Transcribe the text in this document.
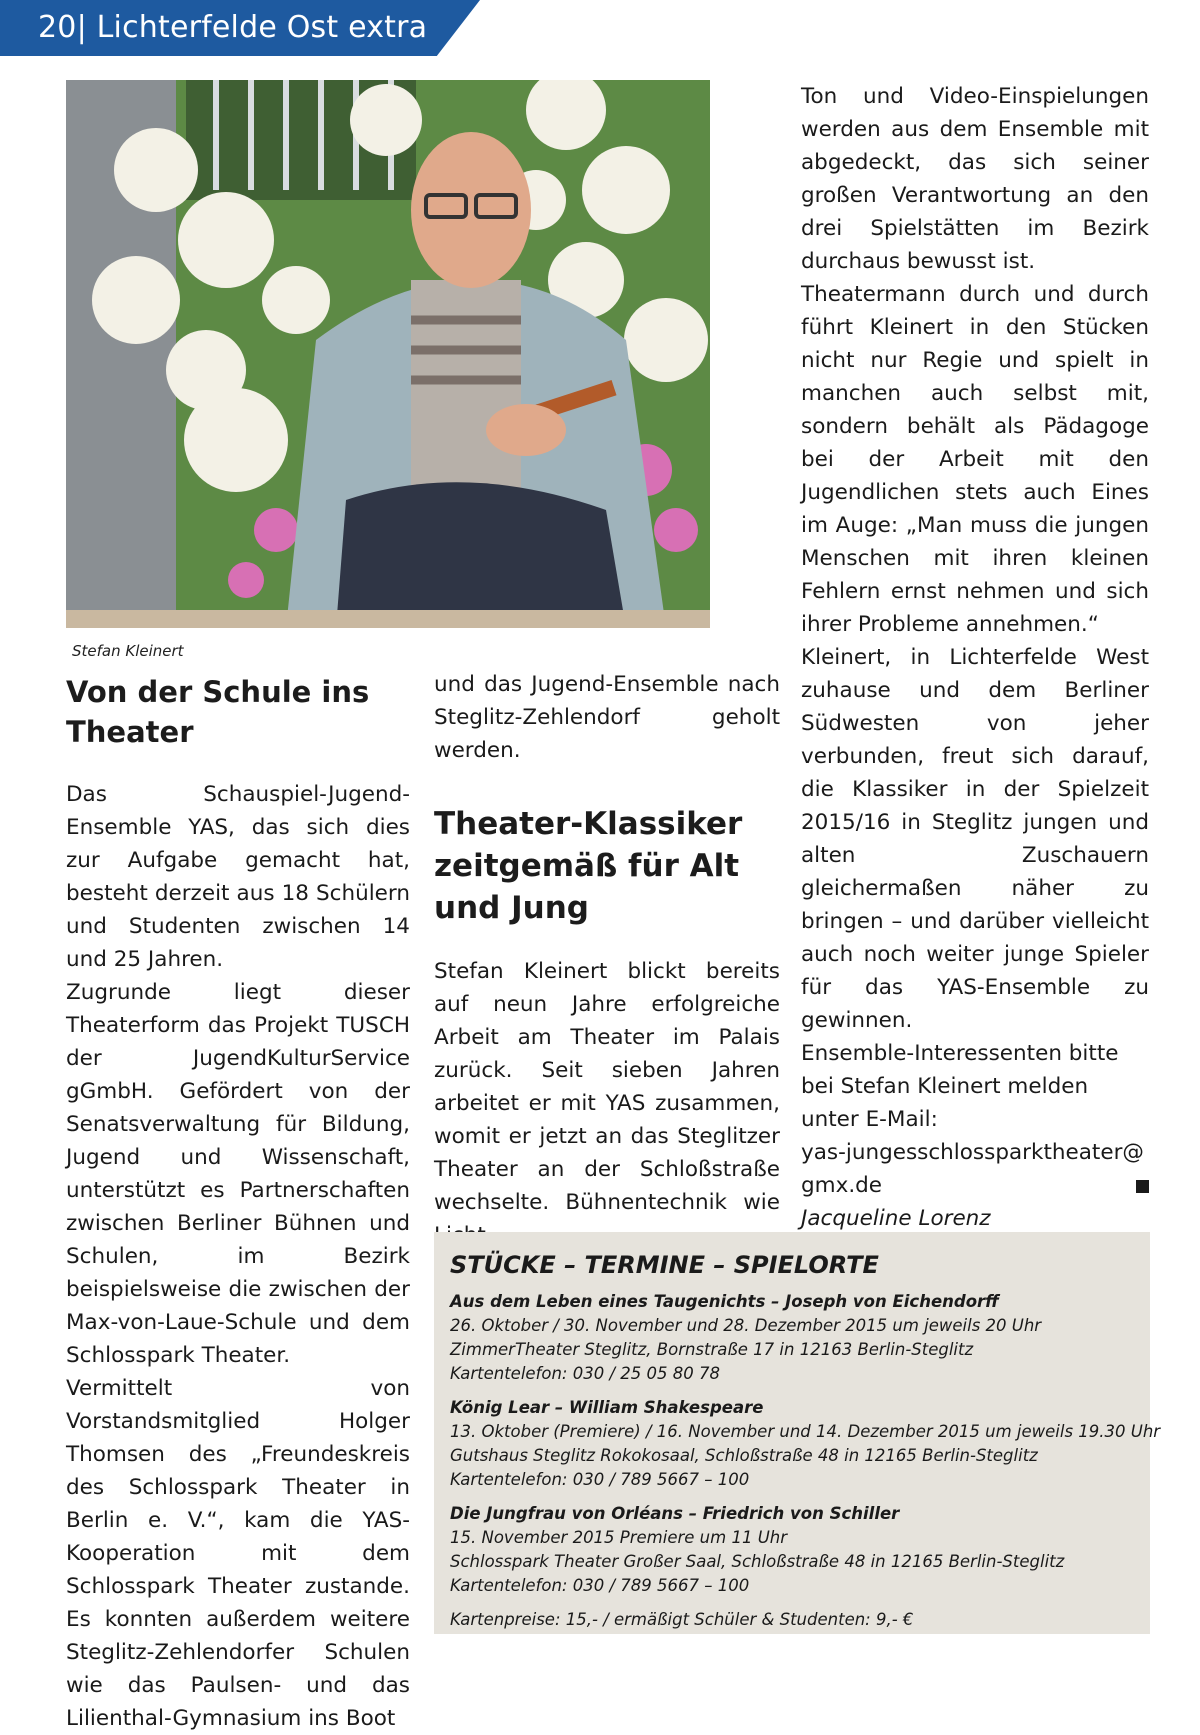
20| Lichterfelde Ost extra
Stefan Kleinert
Von der Schule ins Theater

Das Schauspiel-Jugend-Ensemble YAS, das sich dies zur Aufgabe gemacht hat, besteht derzeit aus 18 Schülern und Studenten zwischen 14 und 25 Jahren.

Zugrunde liegt dieser Theaterform das Projekt TUSCH der JugendKulturService gGmbH. Gefördert von der Senatsverwaltung für Bildung, Jugend und Wissenschaft, unterstützt es Partnerschaften zwischen Berliner Bühnen und Schulen, im Bezirk beispielsweise die zwischen der Max-von-Laue-Schule und dem Schlosspark Theater.

Vermittelt von Vorstandsmitglied Holger Thomsen des „Freundeskreis des Schlosspark Theater in Berlin e. V.“, kam die YAS-Kooperation mit dem Schlosspark Theater zustande. Es konnten außerdem weitere Steglitz-Zehlendorfer Schulen wie das Paulsen- und das Lilienthal-Gymnasium ins Boot

und das Jugend-Ensemble nach Steglitz-Zehlendorf geholt werden.

Theater-Klassiker zeitgemäß für Alt und Jung

Stefan Kleinert blickt bereits auf neun Jahre erfolgreiche Arbeit am Theater im Palais zurück. Seit sieben Jahren arbeitet er mit YAS zusammen, womit er jetzt an das Steglitzer Theater an der Schloßstraße wechselte. Bühnentechnik wie

Ton und Video-Einspielungen werden aus dem Ensemble mit abgedeckt, das sich seiner großen Verantwortung an den drei Spielstätten im Bezirk durchaus bewusst ist.

Theatermann durch und durch führt Kleinert in den Stücken nicht nur Regie und spielt in manchen auch selbst mit, sondern behält als Pädagoge bei der Arbeit mit den Jugendlichen stets auch Eines im Auge: „Man muss die jungen Menschen mit ihren kleinen Fehlern ernst nehmen und sich ihrer Probleme annehmen.“

Kleinert, in Lichterfelde West zuhause und dem Berliner Südwesten von jeher verbunden, freut sich darauf, die Klassiker in der Spielzeit 2015/16 in Steglitz jungen und alten Zuschauern gleichermaßen näher zu bringen – und darüber vielleicht auch noch weiter junge Spieler für das YAS-Ensemble zu gewinnen.

Ensemble-Interessenten bitte

bei Stefan Kleinert melden

unter E-Mail:

yas-jungesschlossparktheater@gmx.de

Jacqueline Lorenz

STÜCKE – TERMINE – SPIELORTE
Aus dem Leben eines Taugenichts – Joseph von Eichendorff
26. Oktober / 30. November und 28. Dezember 2015 um jeweils 20 Uhr
ZimmerTheater Steglitz, Bornstraße 17 in 12163 Berlin-Steglitz
Kartentelefon: 030 / 25 05 80 78
König Lear – William Shakespeare
13. Oktober (Premiere) / 16. November und 14. Dezember 2015 um jeweils 19.30 Uhr
Gutshaus Steglitz Rokokosaal, Schloßstraße 48 in 12165 Berlin-Steglitz
Kartentelefon: 030 / 789 5667 – 100
Die Jungfrau von Orléans – Friedrich von Schiller
15. November 2015 Premiere um 11 Uhr
Schlosspark Theater Großer Saal, Schloßstraße 48 in 12165 Berlin-Steglitz
Kartentelefon: 030 / 789 5667 – 100
Kartenpreise: 15,- / ermäßigt Schüler & Studenten: 9,- €
